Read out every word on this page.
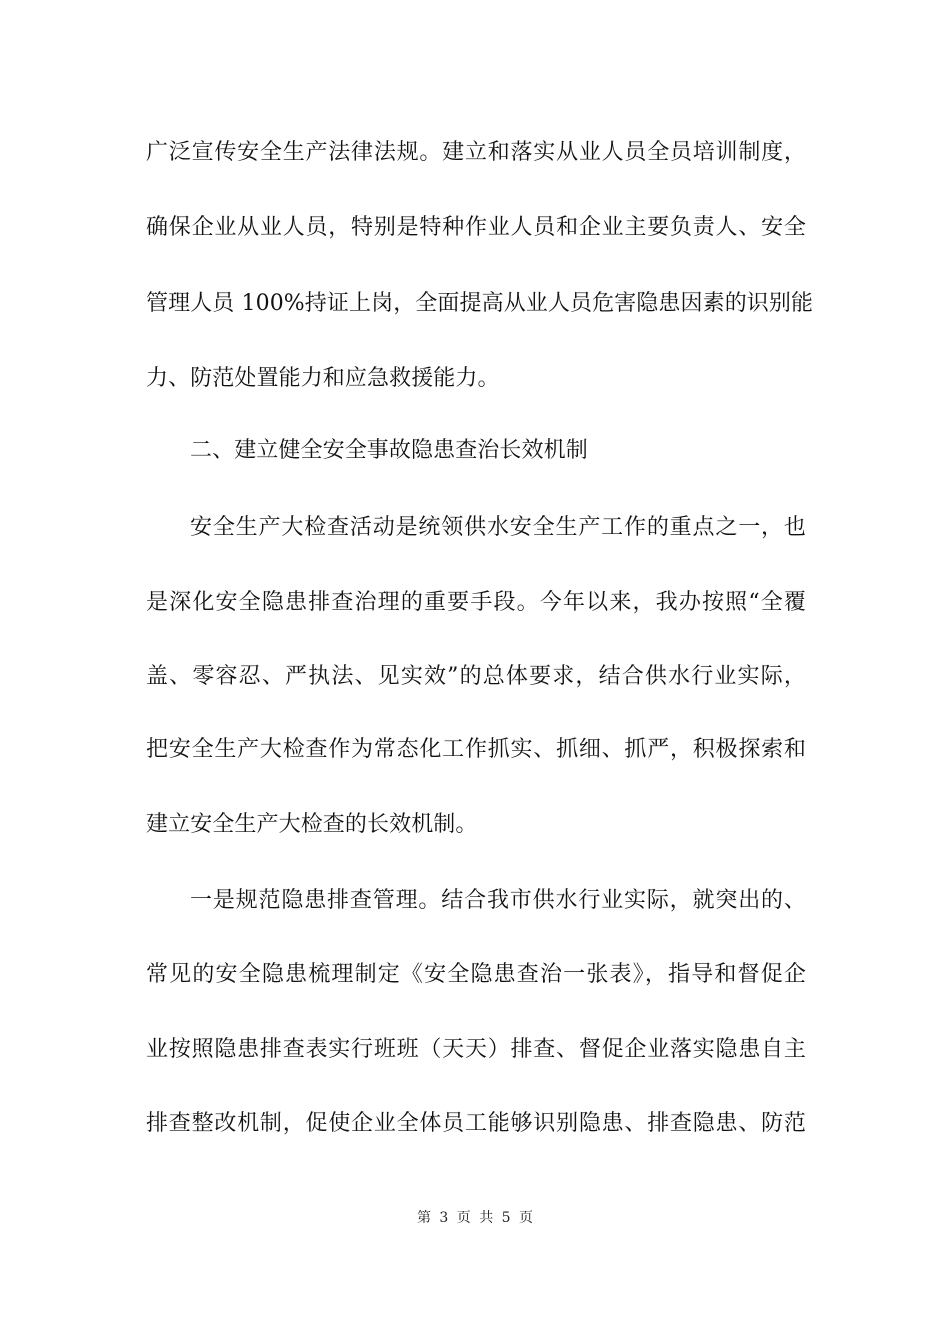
广泛宣传安全生产法律法规。建立和落实从业人员全员培训制度，
确保企业从业人员，特别是特种作业人员和企业主要负责人、安全
管理人员 100%持证上岗，全面提高从业人员危害隐患因素的识别能
力、防范处置能力和应急救援能力。
二、建立健全安全事故隐患查治长效机制
安全生产大检查活动是统领供水安全生产工作的重点之一，也
是深化安全隐患排查治理的重要手段。今年以来，我办按照“全覆
盖、零容忍、严执法、见实效”的总体要求，结合供水行业实际，
把安全生产大检查作为常态化工作抓实、抓细、抓严，积极探索和
建立安全生产大检查的长效机制。
一是规范隐患排查管理。结合我市供水行业实际，就突出的、
常见的安全隐患梳理制定《安全隐患查治一张表》，指导和督促企
业按照隐患排查表实行班班（天天）排查、督促企业落实隐患自主
排查整改机制，促使企业全体员工能够识别隐患、排查隐患、防范
第 3 页 共 5 页
